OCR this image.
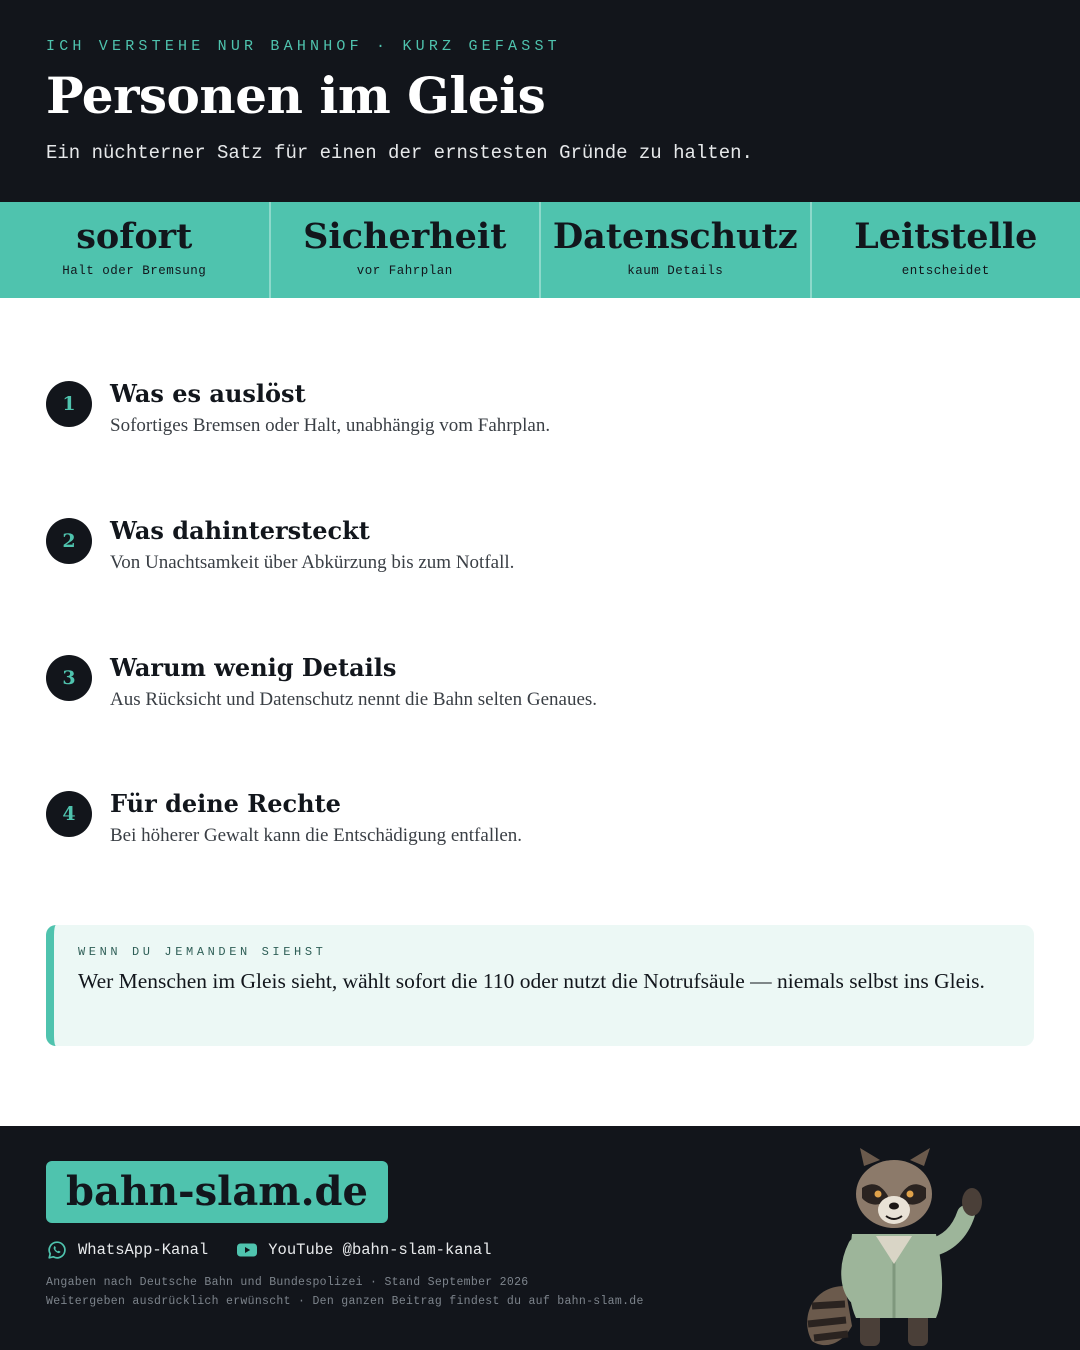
ICH VERSTEHE NUR BAHNHOF · KURZ GEFASST
Personen im Gleis
Ein nüchterner Satz für einen der ernstesten Gründe zu halten.
sofort
Halt oder Bremsung
Sicherheit
vor Fahrplan
Datenschutz
kaum Details
Leitstelle
entscheidet
1	Was es auslöst
Sofortiges Bremsen oder Halt, unabhängig vom Fahrplan.
2	Was dahintersteckt
Von Unachtsamkeit über Abkürzung bis zum Notfall.
3	Warum wenig Details
Aus Rücksicht und Datenschutz nennt die Bahn selten Genaues.
4	Für deine Rechte
Bei höherer Gewalt kann die Entschädigung entfallen.
WENN DU JEMANDEN SIEHST
Wer Menschen im Gleis sieht, wählt sofort die 110 oder nutzt die Notrufsäule — niemals selbst ins Gleis.
bahn-slam.de
WhatsApp-Kanal	YouTube @bahn-slam-kanal
Angaben nach Deutsche Bahn und Bundespolizei · Stand September 2026
Weitergeben ausdrücklich erwünscht · Den ganzen Beitrag findest du auf bahn-slam.de
